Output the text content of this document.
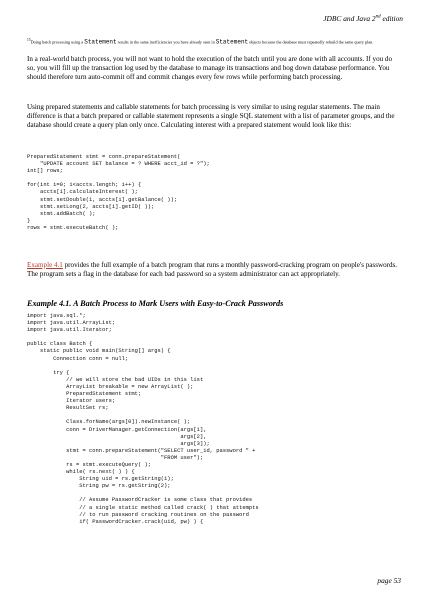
JDBC and Java 2nd edition
15Doing batch processing using a Statement results in the same inefficiencies you have already seen in Statement objects because the database must repeatedly rebuild the same query plan.
In a real-world batch process, you will not want to hold the execution of the batch until you are done with all accounts. If you do so, you will fill up the transaction log used by the database to manage its transactions and bog down database performance. You should therefore turn auto-commit off and commit changes every few rows while performing batch processing.
Using prepared statements and callable statements for batch processing is very similar to using regular statements. The main difference is that a batch prepared or callable statement represents a single SQL statement with a list of parameter groups, and the database should create a query plan only once. Calculating interest with a prepared statement would look like this:
PreparedStatement stmt = conn.prepareStatement(
"UPDATE account SET balance = ? WHERE acct_id = ?");
int[] rows;

for(int i=0; i<accts.length; i++) {
accts[i].calculateInterest( );
stmt.setDouble(1, accts[i].getBalance( ));
stmt.setLong(2, accts[i].getID( ));
stmt.addBatch( );
}
rows = stmt.executeBatch( );
Example 4.1 provides the full example of a batch program that runs a monthly password-cracking program on people's passwords. The program sets a flag in the database for each bad password so a system administrator can act appropriately.
Example 4.1. A Batch Process to Mark Users with Easy-to-Crack Passwords
import java.sql.*;
import java.util.ArrayList;
import java.util.Iterator;

public class Batch {
static public void main(String[] args) {
Connection conn = null;

try {
// we will store the bad UIDs in this list
ArrayList breakable = new ArrayList( );
PreparedStatement stmt;
Iterator users;
ResultSet rs;

Class.forName(args[0]).newInstance( );
conn = DriverManager.getConnection(args[1],
args[2],
args[3]);
stmt = conn.prepareStatement("SELECT user_id, password " +
"FROM user");
rs = stmt.executeQuery( );
while( rs.next( ) ) {
String uid = rs.getString(1);
String pw = rs.getString(2);

// Assume PasswordCracker is some class that provides
// a single static method called crack( ) that attempts
// to run password cracking routines on the password
if( PasswordCracker.crack(uid, pw) ) {
page 53
